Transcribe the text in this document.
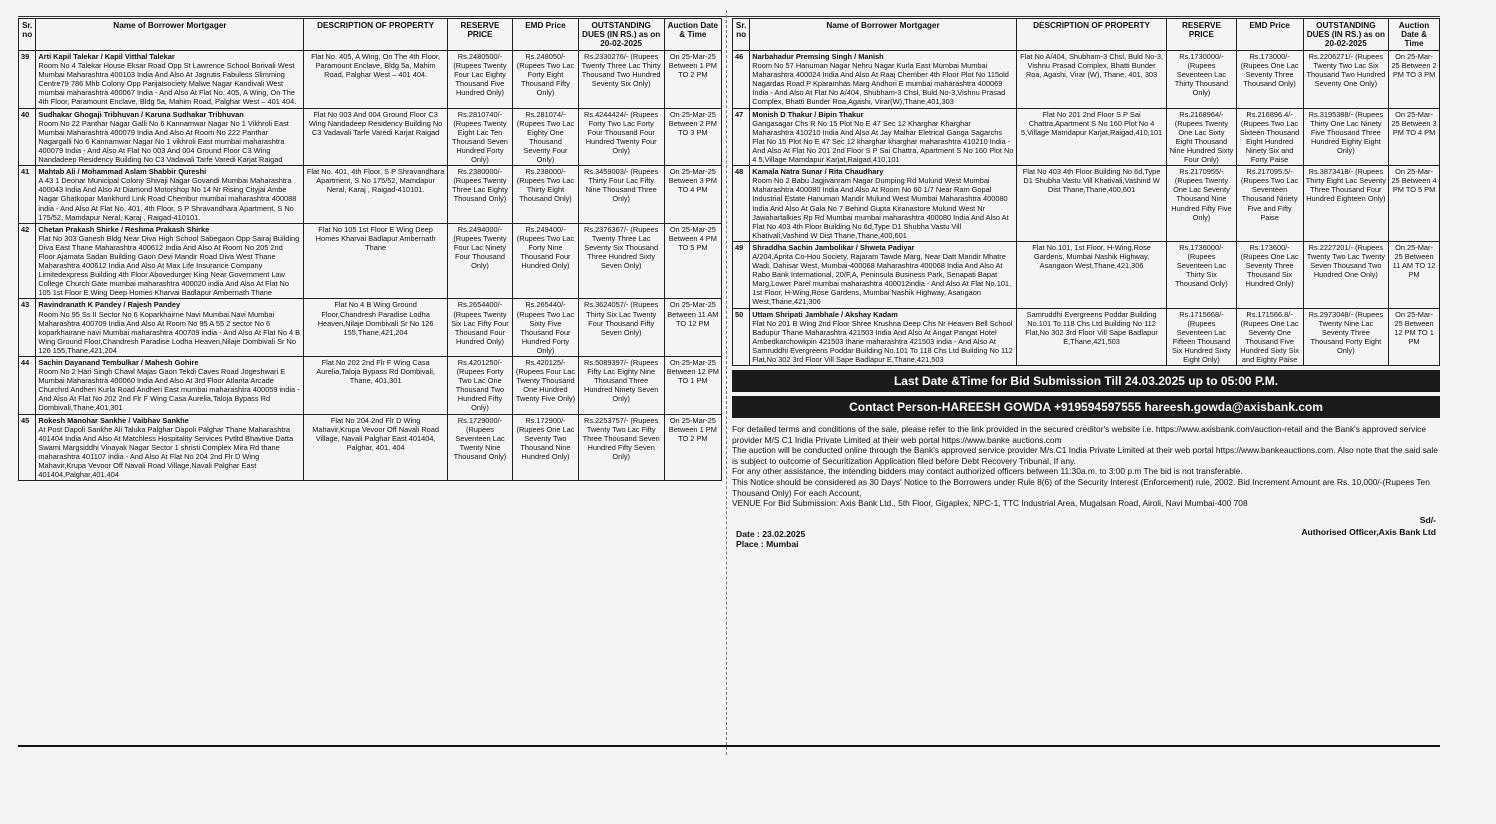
Sr. no	Name of Borrower Mortgager	DESCRIPTION OF PROPERTY	RESERVE PRICE	EMD Price	OUTSTANDING DUES (IN RS.) as on 20-02-2025	Auction Date & Time
39	Arti Kapil Talekar / Kapil Vitthal Talekar
Room No 4 Talekar House Eksar Road Opp St Lawrence School Borivali West Mumbai Maharashtra 400103 India And Also At Jagrutis Fabuless Slimming Centre79 786 Mhb Colony Opp Parijatsociety Malwe Nagar Kandivali West mumbai maharashtra 400067 India - And Also At Flat No. 405, A Wing, On The 4th Floor, Paramount Enclave, Bldg 5a, Mahim Road, Palghar West – 401 404.	Flat No. 405, A Wing, On The 4th Floor, Paramount Enclave, Bldg 5a, Mahim Road, Palghar West – 401 404.	Rs.2480500/- (Rupees Twenty Four Lac Eighty Thousand Five Hundred Only)	Rs.248050/- (Rupees Two Lac Forty Eight Thousand Fifty Only)	Rs.2330276/- (Rupees Twenty Three Lac Thirty Thousand Two Hundred Seventy Six Only)	On 25-Mar-25 Between 1 PM TO 2 PM
40	Sudhakar Ghogaji Tribhuvan / Karuna Sudhakar Tribhuvan
Room No 22 Panthar Nagar Galli No 6 Kannamwar Nagar No 1 Vikhroli East Mumbai Maharashtra 400079 India And Also At Room No 222 Panthar Nagargalli No 6 Kannamwar Nagar No 1 vikhroli East mumbai maharashtra 400079 India - And Also At Flat No 003 And 004 Ground Floor C3 Wing Nandadeep Residency Building No C3 Vadavali Tarfe Varedi Karjat Raigad	Flat No 003 And 004 Ground Floor C3 Wing Nandadeep Residency Building No C3 Vadavali Tarfe Varedi Karjat Raigad	Rs.2810740/- (Rupees Twenty Eight Lac Ten Thousand Seven Hundred Forty Only)	Rs.281074/- (Rupees Two Lac Eighty One Thousand Seventy Four Only)	Rs.4244424/- (Rupees Forty Two Lac Forty Four Thousand Four Hundred Twenty Four Only)	On 25-Mar-25 Between 2 PM TO 3 PM
41	Mahtab Ali / Mohammad Aslam Shabbir Qureshi
A 43 1 Deonar Municipal Colony Shivaji Nagar Govandi Mumbai Maharashtra 400043 India And Also At Diamond Motorshop No 14 Nr Rising Cityjai Ambe Nagar Ghatkopar Mankhurd Link Road Chembur mumbai maharashtra 400088 india - And Also At Flat No. 401, 4th Floor, S P Shravandhara Apartment, S No 175/52, Mamdapur Neral, Karaj , Raigad-410101.	Flat No. 401, 4th Floor, S P Shravandhara Apartment, S No 175/52, Mamdapur Neral, Karaj , Raigad-410101.	Rs.2380000/- (Rupees Twenty Three Lac Eighty Thousand Only)	Rs.238000/- (Rupees Two Lac Thirty Eight Thousand Only)	Rs.3459003/- (Rupees Thirty Four Lac Fifty Nine Thousand Three Only)	On 25-Mar-25 Between 3 PM TO 4 PM
42	Chetan Prakash Shirke / Reshma Prakash Shirke
Flat No 303 Ganesh Bldg Near Diva High School Sabegaon Opp Sairaj Building Diva East Thane Maharashtra 400612 India And Also At Room No 205 2nd Floor Ajamata Sadan Building Gaon Devi Mandir Road Diva West Thane Maharashtra 400612 India And Also At Max Life Insurance Company Limitedexpress Building 4th Floor Abovedurger King Near Government Law College Church Gate mumbai maharashtra 400020 india And Also At Flat No 105 1st Floor E Wing Deep Homes Kharvai Badlapur Ambernath Thane	Flat No 105 1st Floor E Wing Deep Homes Kharvai Badlapur Ambernath Thane	Rs.2494000/- (Rupees Twenty Four Lac Ninety Four Thousand Only)	Rs.249400/- (Rupees Two Lac Forty Nine Thousand Four Hundred Only)	Rs.2376367/- (Rupees Twenty Three Lac Seventy Six Thousand Three Hundred Sixty Seven Only)	On 25-Mar-25 Between 4 PM TO 5 PM
43	Ravindranath K Pandey / Rajesh Pandey
Room No 95 Ss II Sector No 6 Koparkhairne Navi Mumbai Navi Mumbai Maharashtra 400709 India And Also At Room No 95 A 55 2 sector No 6 koparkhairane navi Mumbai maharashtra 400709 india - And Also At Flat No 4 B Wing Ground Floor,Chandresh Paradise Lodha Heaven,Nilaje Dombivali Sr No 126 155,Thane,421,204	Flat No 4 B Wing Ground Floor,Chandresh Paradise Lodha Heaven,Nilaje Dombivali Sr No 126 155,Thane,421,204	Rs.2654400/- (Rupees Twenty Six Lac Fifty Four Thousand Four Hundred Only)	Rs.265440/- (Rupees Two Lac Sixty Five Thousand Four Hundred Forty Only)	Rs.3624057/- (Rupees Thirty Six Lac Twenty Four Thousand Fifty Seven Only)	On 25-Mar-25 Between 11 AM TO 12 PM
44	Sachin Dayanand Tembulkar / Mahesh Gohire
Room No 2 Hari Singh Chawl Majas Gaon Tekdi Caves Road Jogeshwari E Mumbai Maharashtra 400060 India And Also At 3rd Floor Atlanta Arcade Churchrd Andheri Kurla Road Andheri East mumbai maharashtra 400059 india - And Also At Flat No 202 2nd Flr F Wing Casa Aurelia,Taloja Bypass Rd Dombivali,Thane,401,301	Flat No 202 2nd Flr F Wing Casa Aurelia,Taloja Bypass Rd Dombivali, Thane, 401,301	Rs.4201250/- (Rupees Forty Two Lac One Thousand Two Hundred Fifty Only)	Rs.420125/- (Rupees Four Lac Twenty Thousand One Hundred Twenty Five Only)	Rs.5089397/- (Rupees Fifty Lac Eighty Nine Thousand Three Hundred Ninety Seven Only)	On 25-Mar-25 Between 12 PM TO 1 PM
45	Rokesh Manohar Sankhe / Vaibhav Sankhe
At Post Dapoli Sankhe Ali Taluka Palghar Dapoli Palghar Thane Maharashtra 401404 India And Also At Matchless Hospitality Services Pvtltd Bhavtive Datta Swami Margsiddhi Vinayak Nagar Sector 1 shristi Complex Mira Rd thane maharashtra 401107 india - And Also At Flat No 204 2nd Flr D Wing Mahavir,Krupa Vevoor Off Navali Road Village,Navali Palghar East 401404,Palghar,401,404	Flat No 204 2nd Flr D Wing Mahavir,Krupa Vevoor Off Navali Road Village, Navali Palghar East 401404, Palghar, 401, 404	Rs.1729000/- (Rupees Seventeen Lac Twenty Nine Thousand Only)	Rs.172900/- (Rupees One Lac Seventy Two Thousand Nine Hundred Only)	Rs.2253757/- (Rupees Twenty Two Lac Fifty Three Thousand Seven Hundred Fifty Seven Only)	On 25-Mar-25 Between 1 PM TO 2 PM
Sr. no	Name of Borrower Mortgager	DESCRIPTION OF PROPERTY	RESERVE PRICE	EMD Price	OUTSTANDING DUES (IN RS.) as on 20-02-2025	Auction Date & Time
46	Narbahadur Premsing Singh / Manish
Room No 57 Hanuman Nagar Nehru Nagar Kurla East Mumbai Mumbai Maharashtra 400024 India And Also At Raaj Chember 4th Floor Plot No 115old Nagardas Road P Kparamhas Marg Andhori E mumbai maharashtra 400069 India - And Also At Flat No A/404, Shubham-3 Chsl, Buld No-3,Vishnu Prasad Complex, Bhatti Bunder Roa,Agashi, Virar(W),Thane,401,303	Flat No A/404, Shubham-3 Chsl, Buld No-3, Vishnu Prasad Complex, Bhatti Bunder Roa, Agashi, Virar (W), Thane, 401, 303	Rs.1730000/- (Rupees Seventeen Lac Thirty Thousand Only)	Rs.173000/- (Rupees One Lac Seventy Three Thousand Only)	Rs.2206271/- (Rupees Twenty Two Lac Six Thousand Two Hundred Seventy One Only)	On 25-Mar-25 Between 2 PM TO 3 PM
47	Monish D Thakur / Bipin Thakur
Gangasagar Chs R No 15 Plot No E 47 Sec 12 Kharghar Kharghar Maharashtra 410210 India And Also At Jay Malhar Eletrical Ganga Sagarchs Flat No 15 Plot No E 47 Sec 12 kharghar kharghar maharashtra 410210 India - And Also At Flat No 201 2nd Floor S P Sai Chattra, Apartment S No 160 Plot No 4 5,Village Mamdapur Karjat,Raigad,410,101	Flat No 201 2nd Floor S P Sai Chattra,Apartment S No 160 Plot No 4 5,Village Mamdapur Karjat,Raigad,410,101	Rs.2168964/- (Rupees Twenty One Lac Sixty Eight Thousand Nine Hundred Sixty Four Only)	Rs.216896.4/- (Rupees Two Lac Sixteen Thousand Eight Hundred Ninety Six and Forty Paise	Rs.3195388/- (Rupees Thirty One Lac Ninety Five Thousand Three Hundred Eighty Eight Only)	On 25-Mar-25 Between 3 PM TO 4 PM
48	Kamala Natra Sunar / Rita Chaudhary
Room No 2 Babu Jagjivanram Nagar Dumping Rd Mulund West Mumbai Maharashtra 400080 India And Also At Room No 60 1/7 Near Ram Gopal Industrial Estate Hanuman Mandir Mulund West Mumbai Maharashtra 400080 India And Also At Gala No 7 Behind Gupta Kiranastore Mulund West Nr Jawahartalkies Rp Rd Mumbai mumbai maharashtra 400080 India And Also At Flat No 403 4th Floor Building No 6d,Type D1 Shubha Vastu Vill Khativali,Vashind W Dist Thane,Thane,400,601	Flat No 403 4th Floor Building No 6d,Type D1 Shubha Vastu Vill Khativali,Vashind W Dist Thane,Thane,400,601	Rs.2170955/- (Rupees Twenty One Lac Seventy Thousand Nine Hundred Fifty Five Only)	Rs.217095.5/- (Rupees Two Lac Seventeen Thousand Ninety Five and Fifty Paise	Rs.3873418/- (Rupees Thirty Eight Lac Seventy Three Thousand Four Hundred Eighteen Only)	On 25-Mar-25 Between 4 PM TO 5 PM
49	Shraddha Sachin Jambolikar / Shweta Padiyar
A/204,Aprita Co-Hou Society, Rajaram Tawde Marg, Near Datt Mandir Mhatre Wadi, Dahisar West, Mumbai-400068 Maharashtra 400068 India And Also At Rabo Bank International, 20/F,A, Peninsula Business Park, Senapati Bapat Marg,Lower Parel mumbai maharashtra 400012india - And Also At Flat No.101, 1st Floor, H-Wing,Rose Gardens, Mumbai Nashik Highway, Asangaon West,Thane,421,306	Flat No.101, 1st Floor, H-Wing,Rose Gardens, Mumbai Nashik Highway, Asangaon West,Thane,421,306	Rs.1736000/- (Rupees Seventeen Lac Thirty Six Thousand Only)	Rs.173600/- (Rupees One Lac Seventy Three Thousand Six Hundred Only)	Rs.2227201/- (Rupees Twenty Two Lac Twenty Seven Thousand Two Hundred One Only)	On 25-Mar-25 Between 11 AM TO 12 PM
50	Uttam Shripati Jambhale / Akshay Kadam
Flat No 201 B Wing 2nd Floor Shree Krushna Deep Chs Nr Heaven Bell School Badupur Thane Maharashtra 421503 India And Also At Angat Pangat Hotel Ambedkarchowkpin 421503 thane maharashtra 421503 india - And Also At Samruddhi Evergreens Poddar Building No.101 To 118 Chs Ltd Building No 112 Flat,No 302 3rd Floor Vill Sape Badlapur E,Thane,421,503	Samruddhi Evergreens Poddar Building No.101 To 118 Chs Ltd Building No 112 Flat,No 302 3rd Floor Vill Sape Badlapur E,Thane,421,503	Rs.1715668/- (Rupees Seventeen Lac Fifteen Thousand Six Hundred Sixty Eight Only)	Rs.171566.8/- (Rupees One Lac Seventy One Thousand Five Hundred Sixty Six and Eighty Paise	Rs.2973048/- (Rupees Twenty Nine Lac Seventy Three Thousand Forty Eight Only)	On 25-Mar-25 Between 12 PM TO 1 PM
Last Date &Time for Bid Submission Till 24.03.2025 up to 05:00 P.M.
Contact Person-HAREESH GOWDA +919594597555 hareesh.gowda@axisbank.com
For detailed terms and conditions of the sale, please refer to the link provided in the secured creditor's website i.e. https://www.axisbank.com/auction-retail and the Bank's approved service provider M/S C1 India Private Limited at their web portal https://www.banke auctions.com
The auction will be conducted online through the Bank's approved service provider M/s.C1 India Private Limited at their web portal https://www.bankeauctions.com. Also note that the said sale is subject to outcome of Securitization Application filed before Debt Recovery Tribunal, If any.
For any other assistance, the intending bidders may contact authorized officers between 11:30a.m. to 3:00 p.m The bid is not transferable.
This Notice should be considered as 30 Days' Notice to the Borrowers under Rule 8(6) of the Security Interest (Enforcement) rule, 2002. Bid Increment Amount are Rs. 10,000/-(Rupees Ten Thousand Only) For each Account,
VENUE For Bid Submission: Axis Bank Ltd., 5th Floor, Gigaplex, NPC-1, TTC Industrial Area, Mugalsan Road, Airoli, Navi Mumbai-400 708
Date : 23.02.2025
Place : Mumbai
Sd/-
Authorised Officer,Axis Bank Ltd
